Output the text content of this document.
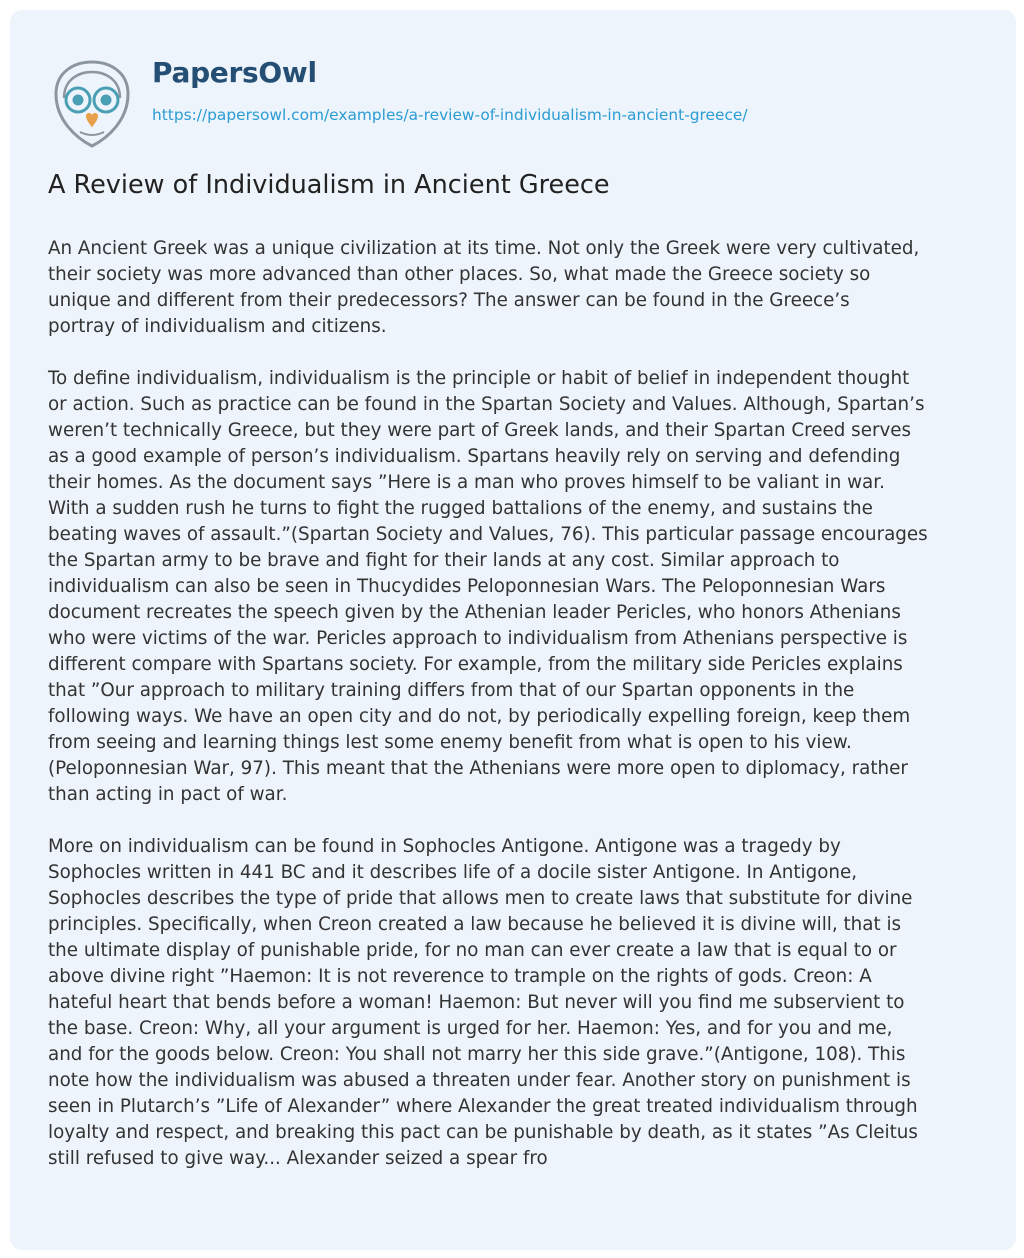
PapersOwl
https://papersowl.com/examples/a-review-of-individualism-in-ancient-greece/
A Review of Individualism in Ancient Greece
An Ancient Greek was a unique civilization at its time. Not only the Greek were very cultivated,
their society was more advanced than other places. So, what made the Greece society so
unique and different from their predecessors? The answer can be found in the Greece’s
portray of individualism and citizens.
To define individualism, individualism is the principle or habit of belief in independent thought
or action. Such as practice can be found in the Spartan Society and Values. Although, Spartan’s
weren’t technically Greece, but they were part of Greek lands, and their Spartan Creed serves
as a good example of person’s individualism. Spartans heavily rely on serving and defending
their homes. As the document says ”Here is a man who proves himself to be valiant in war.
With a sudden rush he turns to fight the rugged battalions of the enemy, and sustains the
beating waves of assault.”(Spartan Society and Values, 76). This particular passage encourages
the Spartan army to be brave and fight for their lands at any cost. Similar approach to
individualism can also be seen in Thucydides Peloponnesian Wars. The Peloponnesian Wars
document recreates the speech given by the Athenian leader Pericles, who honors Athenians
who were victims of the war. Pericles approach to individualism from Athenians perspective is
different compare with Spartans society. For example, from the military side Pericles explains
that ”Our approach to military training differs from that of our Spartan opponents in the
following ways. We have an open city and do not, by periodically expelling foreign, keep them
from seeing and learning things lest some enemy benefit from what is open to his view.
(Peloponnesian War, 97). This meant that the Athenians were more open to diplomacy, rather
than acting in pact of war.
More on individualism can be found in Sophocles Antigone. Antigone was a tragedy by
Sophocles written in 441 BC and it describes life of a docile sister Antigone. In Antigone,
Sophocles describes the type of pride that allows men to create laws that substitute for divine
principles. Specifically, when Creon created a law because he believed it is divine will, that is
the ultimate display of punishable pride, for no man can ever create a law that is equal to or
above divine right ”Haemon: It is not reverence to trample on the rights of gods. Creon: A
hateful heart that bends before a woman! Haemon: But never will you find me subservient to
the base. Creon: Why, all your argument is urged for her. Haemon: Yes, and for you and me,
and for the goods below. Creon: You shall not marry her this side grave.”(Antigone, 108). This
note how the individualism was abused a threaten under fear. Another story on punishment is
seen in Plutarch’s ”Life of Alexander” where Alexander the great treated individualism through
loyalty and respect, and breaking this pact can be punishable by death, as it states ”As Cleitus
still refused to give way... Alexander seized a spear fro
